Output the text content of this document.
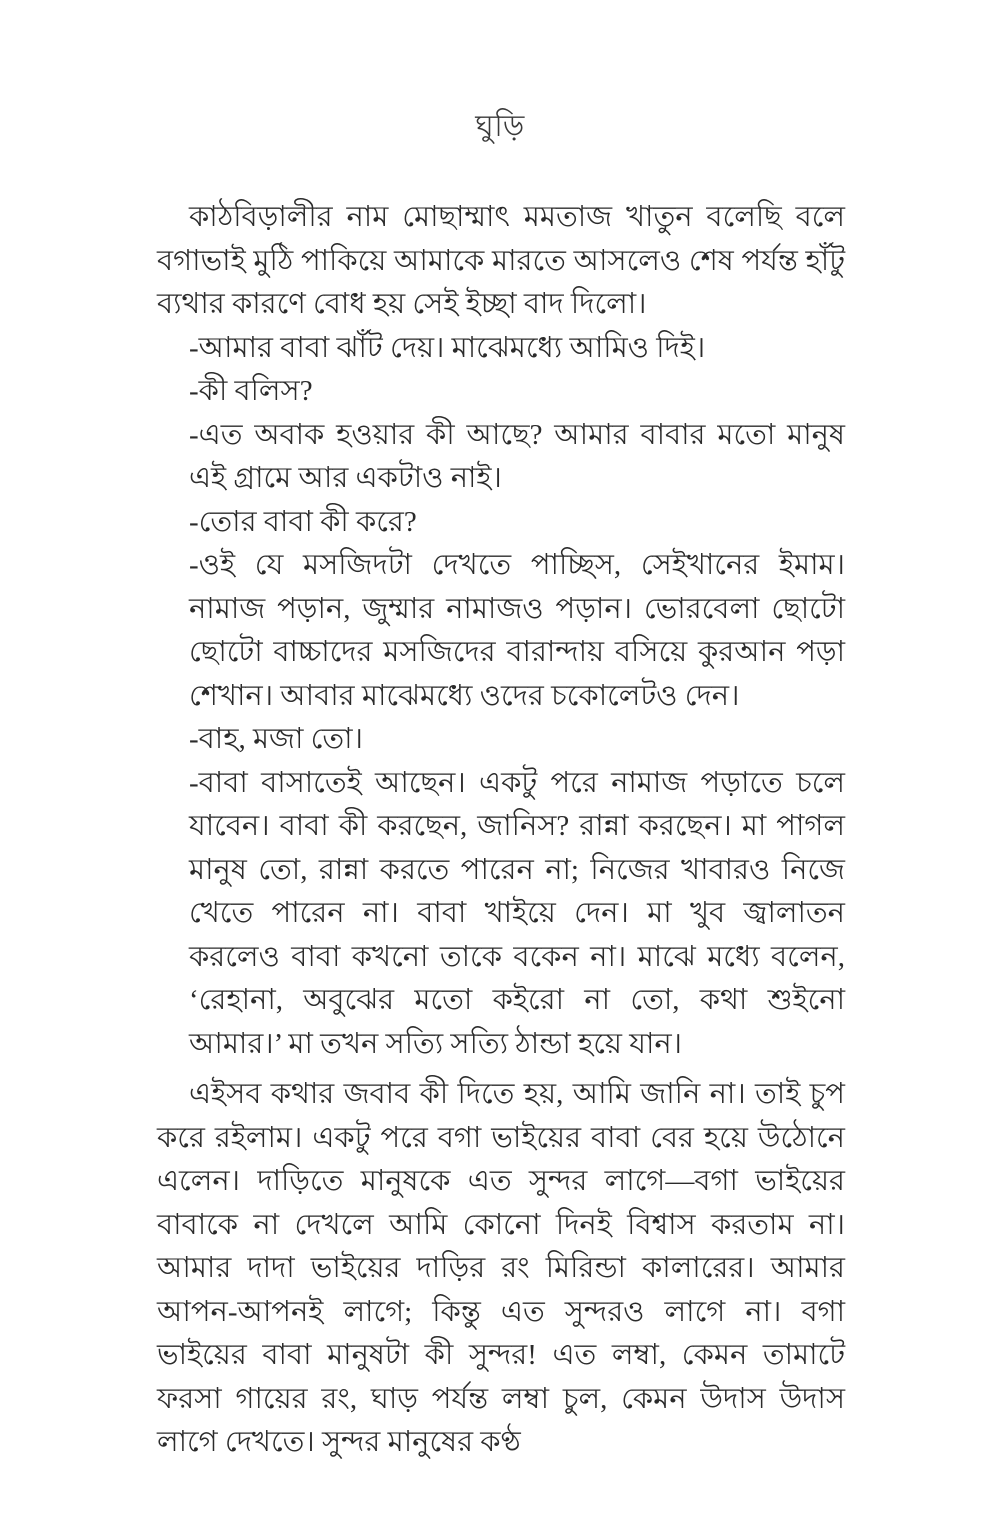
ঘুড়ি
কাঠবিড়ালীর নাম মোছাম্মাৎ মমতাজ খাতুন বলেছি বলে বগাভাই মুঠি পাকিয়ে আমাকে মারতে আসলেও শেষ পর্যন্ত হাঁটু ব্যথার কারণে বোধ হয় সেই ইচ্ছা বাদ দিলো।
-আমার বাবা ঝাঁট দেয়। মাঝেমধ্যে আমিও দিই।
-কী বলিস?
-এত অবাক হওয়ার কী আছে? আমার বাবার মতো মানুষ এই গ্রামে আর একটাও নাই।
-তোর বাবা কী করে?
-ওই যে মসজিদটা দেখতে পাচ্ছিস, সেইখানের ইমাম। নামাজ পড়ান, জুম্মার নামাজও পড়ান। ভোরবেলা ছোটো ছোটো বাচ্চাদের মসজিদের বারান্দায় বসিয়ে কুরআন পড়া শেখান। আবার মাঝেমধ্যে ওদের চকোলেটও দেন।
-বাহ, মজা তো।
-বাবা বাসাতেই আছেন। একটু পরে নামাজ পড়াতে চলে যাবেন। বাবা কী করছেন, জানিস? রান্না করছেন। মা পাগল মানুষ তো, রান্না করতে পারেন না; নিজের খাবারও নিজে খেতে পারেন না। বাবা খাইয়ে দেন। মা খুব জ্বালাতন করলেও বাবা কখনো তাকে বকেন না। মাঝে মধ্যে বলেন, ‘রেহানা, অবুঝের মতো কইরো না তো, কথা শুইনো আমার।’ মা তখন সত্যি সত্যি ঠান্ডা হয়ে যান।
এইসব কথার জবাব কী দিতে হয়, আমি জানি না। তাই চুপ করে রইলাম। একটু পরে বগা ভাইয়ের বাবা বের হয়ে উঠোনে এলেন। দাড়িতে মানুষকে এত সুন্দর লাগে—বগা ভাইয়ের বাবাকে না দেখলে আমি কোনো দিনই বিশ্বাস করতাম না। আমার দাদা ভাইয়ের দাড়ির রং মিরিন্ডা কালারের। আমার আপন-আপনই লাগে; কিন্তু এত সুন্দরও লাগে না। বগা ভাইয়ের বাবা মানুষটা কী সুন্দর! এত লম্বা, কেমন তামাটে ফরসা গায়ের রং, ঘাড় পর্যন্ত লম্বা চুল, কেমন উদাস উদাস লাগে দেখতে। সুন্দর মানুষের কণ্ঠ
